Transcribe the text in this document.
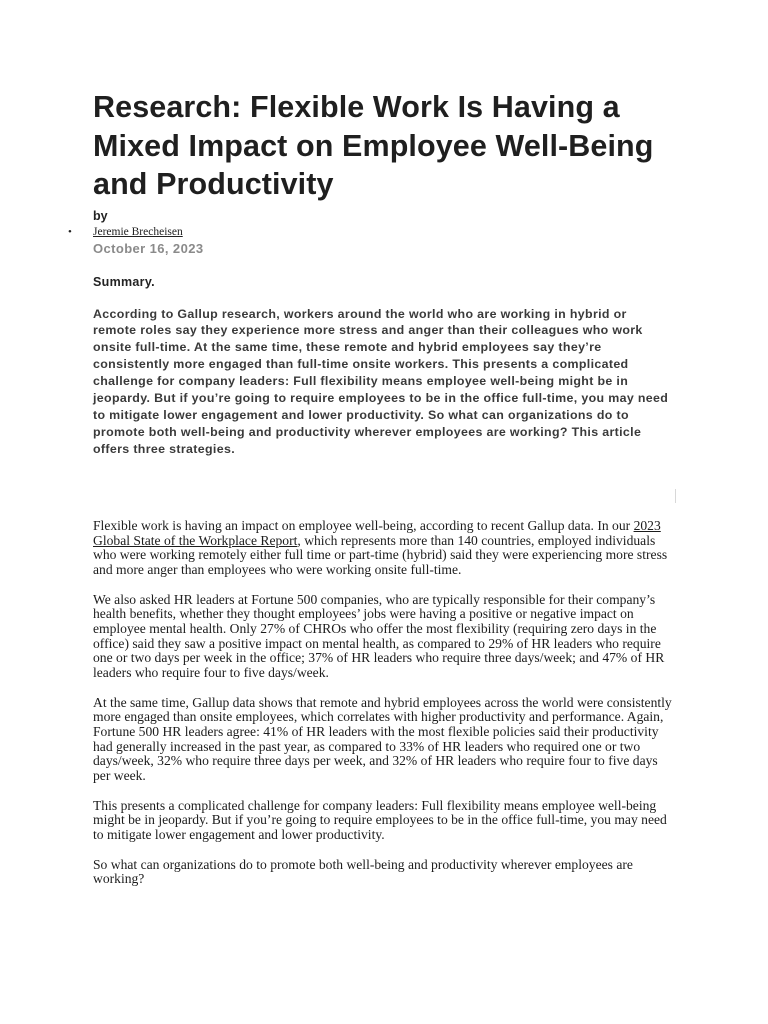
Research: Flexible Work Is Having a Mixed Impact on Employee Well-Being and Productivity
by
• Jeremie Brecheisen
October 16, 2023
Summary.
According to Gallup research, workers around the world who are working in hybrid or remote roles say they experience more stress and anger than their colleagues who work onsite full-time. At the same time, these remote and hybrid employees say they’re consistently more engaged than full-time onsite workers. This presents a complicated challenge for company leaders: Full flexibility means employee well-being might be in jeopardy. But if you’re going to require employees to be in the office full-time, you may need to mitigate lower engagement and lower productivity. So what can organizations do to promote both well-being and productivity wherever employees are working? This article offers three strategies.

Flexible work is having an impact on employee well-being, according to recent Gallup data. In our 2023 Global State of the Workplace Report, which represents more than 140 countries, employed individuals who were working remotely either full time or part-time (hybrid) said they were experiencing more stress and more anger than employees who were working onsite full-time.

We also asked HR leaders at Fortune 500 companies, who are typically responsible for their company’s health benefits, whether they thought employees’ jobs were having a positive or negative impact on employee mental health. Only 27% of CHROs who offer the most flexibility (requiring zero days in the office) said they saw a positive impact on mental health, as compared to 29% of HR leaders who require one or two days per week in the office; 37% of HR leaders who require three days/week; and 47% of HR leaders who require four to five days/week.

At the same time, Gallup data shows that remote and hybrid employees across the world were consistently more engaged than onsite employees, which correlates with higher productivity and performance. Again, Fortune 500 HR leaders agree: 41% of HR leaders with the most flexible policies said their productivity had generally increased in the past year, as compared to 33% of HR leaders who required one or two days/week, 32% who require three days per week, and 32% of HR leaders who require four to five days per week.

This presents a complicated challenge for company leaders: Full flexibility means employee well-being might be in jeopardy. But if you’re going to require employees to be in the office full-time, you may need to mitigate lower engagement and lower productivity.

So what can organizations do to promote both well-being and productivity wherever employees are working?
